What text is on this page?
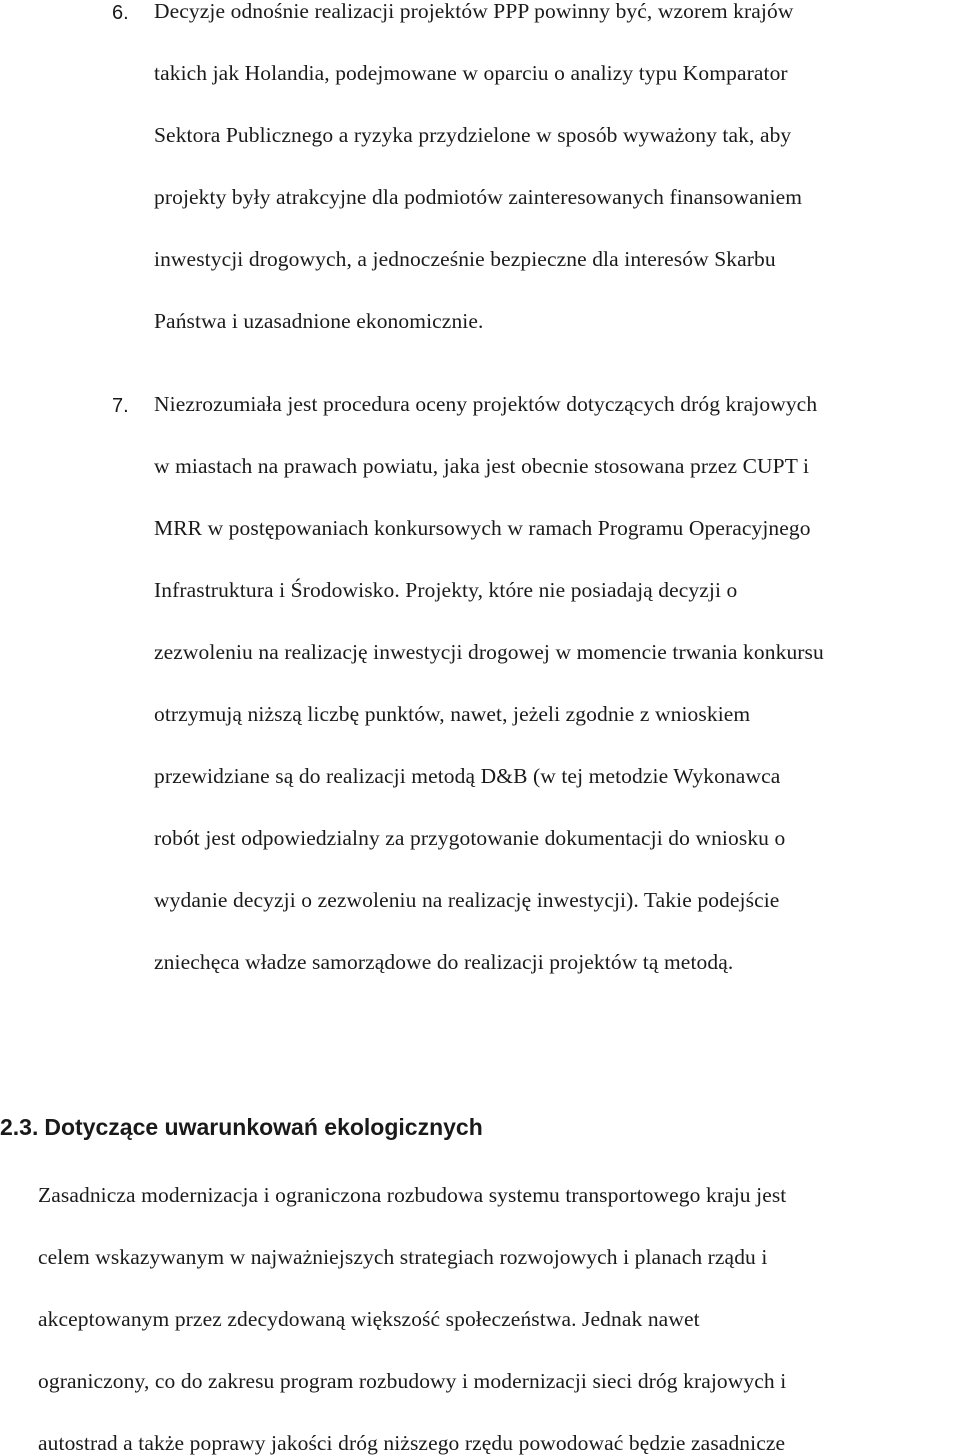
6. Decyzje odnośnie realizacji projektów PPP powinny być, wzorem krajów
takich jak Holandia, podejmowane w oparciu o analizy typu Komparator
Sektora Publicznego a ryzyka przydzielone w sposób wyważony tak, aby
projekty były atrakcyjne dla podmiotów zainteresowanych finansowaniem
inwestycji drogowych, a jednocześnie bezpieczne dla interesów Skarbu
Państwa i uzasadnione ekonomicznie.
7. Niezrozumiała jest procedura oceny projektów dotyczących dróg krajowych
w miastach na prawach powiatu, jaka jest obecnie stosowana przez CUPT i
MRR w postępowaniach konkursowych w ramach Programu Operacyjnego
Infrastruktura i Środowisko. Projekty, które nie posiadają decyzji o
zezwoleniu na realizację inwestycji drogowej w momencie trwania konkursu
otrzymują niższą liczbę punktów, nawet, jeżeli zgodnie z wnioskiem
przewidziane są do realizacji metodą D&B (w tej metodzie Wykonawca
robót jest odpowiedzialny za przygotowanie dokumentacji do wniosku o
wydanie decyzji o zezwoleniu na realizację inwestycji). Takie podejście
zniechęca władze samorządowe do realizacji projektów tą metodą.
2.3. Dotyczące uwarunkowań ekologicznych
Zasadnicza modernizacja i ograniczona rozbudowa systemu transportowego kraju jest
celem wskazywanym w najważniejszych strategiach rozwojowych i planach rządu i
akceptowanym przez zdecydowaną większość społeczeństwa. Jednak nawet
ograniczony, co do zakresu program rozbudowy i modernizacji sieci dróg krajowych i
autostrad a także poprawy jakości dróg niższego rzędu powodować będzie zasadnicze
